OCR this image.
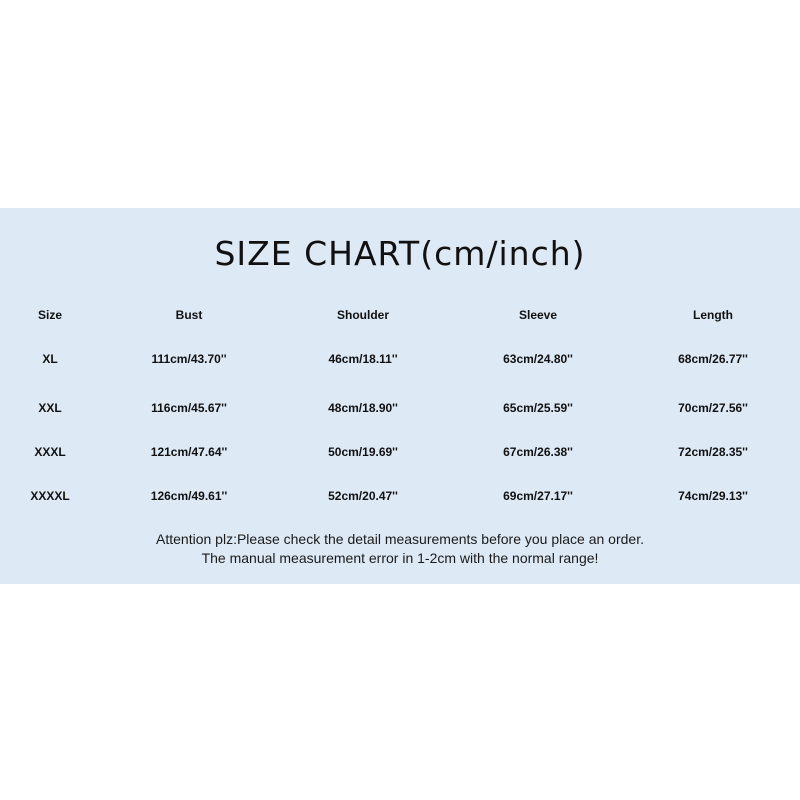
SIZE CHART(cm/inch)
Size	Bust	Shoulder	Sleeve	Length
XL	111cm/43.70''	46cm/18.11''	63cm/24.80''	68cm/26.77''
XXL	116cm/45.67''	48cm/18.90''	65cm/25.59''	70cm/27.56''
XXXL	121cm/47.64''	50cm/19.69''	67cm/26.38''	72cm/28.35''
XXXXL	126cm/49.61''	52cm/20.47''	69cm/27.17''	74cm/29.13''
Attention plz:Please check the detail measurements before you place an order.
The manual measurement error in 1-2cm with the normal range!
